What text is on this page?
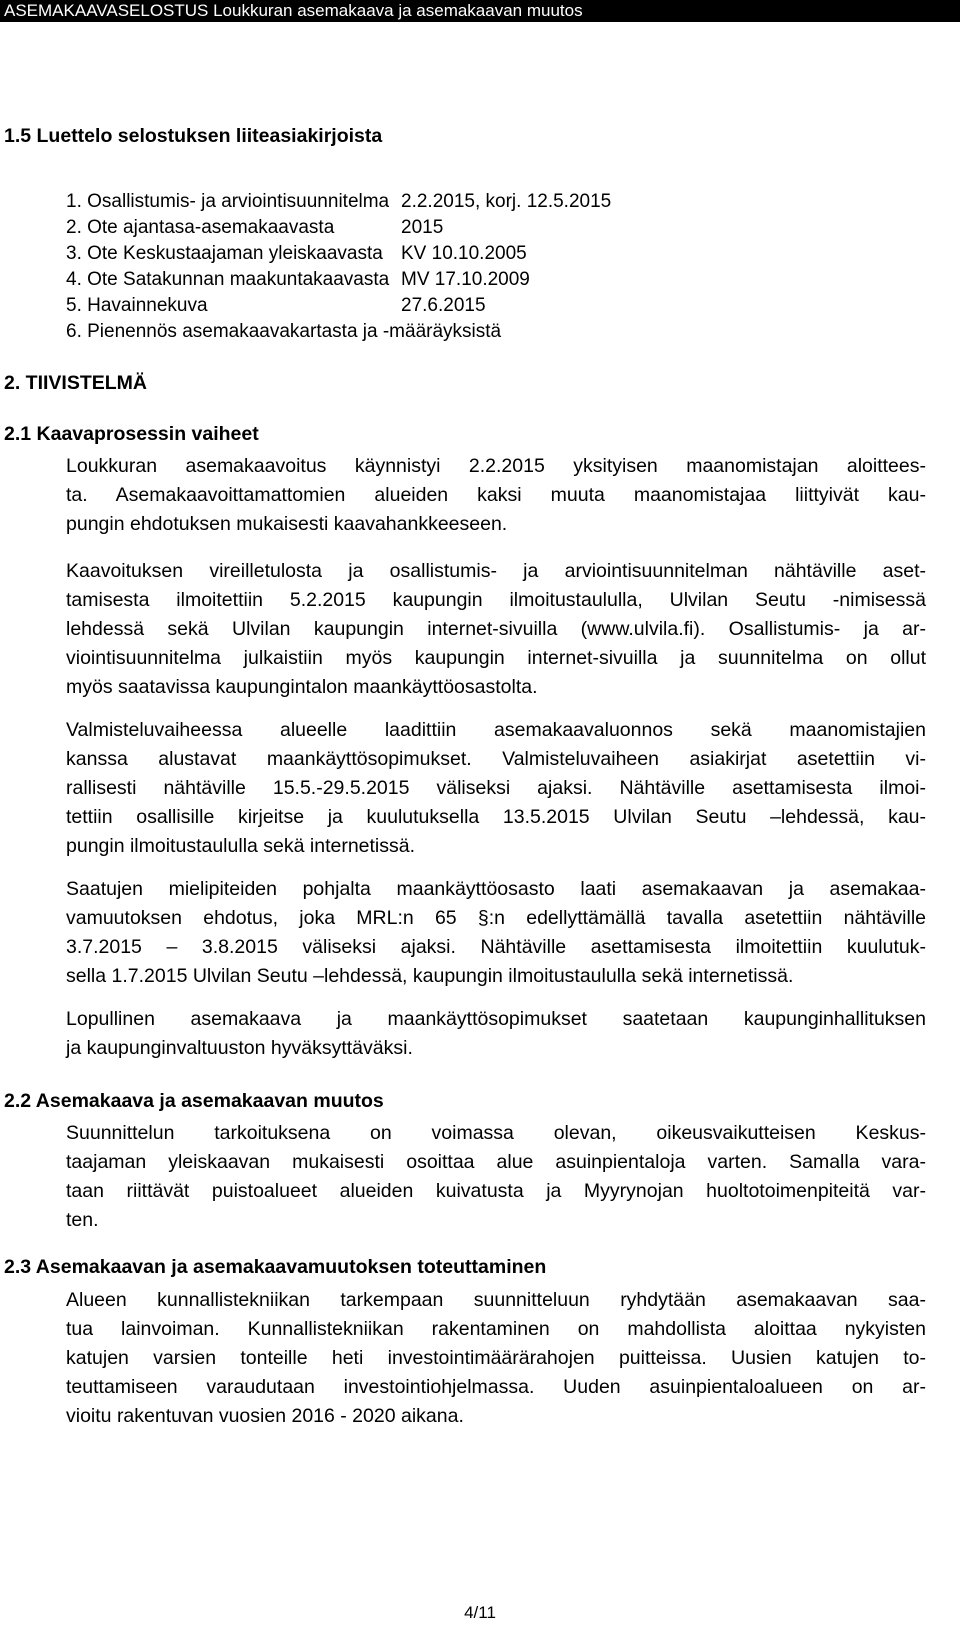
ASEMAKAAVASELOSTUS Loukkuran asemakaava ja asemakaavan muutos
1.5 Luettelo selostuksen liiteasiakirjoista
1. Osallistumis- ja arviointisuunnitelma 2.2.2015, korj. 12.5.2015
2. Ote ajantasa-asemakaavasta	2015
3. Ote Keskustaajaman yleiskaavasta KV 10.10.2005
4. Ote Satakunnan maakuntakaavasta MV 17.10.2009
5. Havainnekuva	27.6.2015
6. Pienennös asemakaavakartasta ja -määräyksistä
2. TIIVISTELMÄ
2.1 Kaavaprosessin vaiheet
Loukkuran asemakaavoitus käynnistyi 2.2.2015 yksityisen maanomistajan aloittees-
ta. Asemakaavoittamattomien alueiden kaksi muuta maanomistajaa liittyivät kau-
pungin ehdotuksen mukaisesti kaavahankkeeseen.
Kaavoituksen vireilletulosta ja osallistumis- ja arviointisuunnitelman nähtäville aset-
tamisesta ilmoitettiin 5.2.2015 kaupungin ilmoitustaululla, Ulvilan Seutu -nimisessä
lehdessä sekä Ulvilan kaupungin internet-sivuilla (www.ulvila.fi). Osallistumis- ja ar-
viointisuunnitelma julkaistiin myös kaupungin internet-sivuilla ja suunnitelma on ollut
myös saatavissa kaupungintalon maankäyttöosastolta.
Valmisteluvaiheessa alueelle laadittiin asemakaavaluonnos sekä maanomistajien
kanssa alustavat maankäyttösopimukset. Valmisteluvaiheen asiakirjat asetettiin vi-
rallisesti nähtäville 15.5.-29.5.2015 väliseksi ajaksi. Nähtäville asettamisesta ilmoi-
tettiin osallisille kirjeitse ja kuulutuksella 13.5.2015 Ulvilan Seutu –lehdessä, kau-
pungin ilmoitustaululla sekä internetissä.
Saatujen mielipiteiden pohjalta maankäyttöosasto laati asemakaavan ja asemakaa-
vamuutoksen ehdotus, joka MRL:n 65 §:n edellyttämällä tavalla asetettiin nähtäville
3.7.2015 – 3.8.2015 väliseksi ajaksi. Nähtäville asettamisesta ilmoitettiin kuulutuk-
sella 1.7.2015 Ulvilan Seutu –lehdessä, kaupungin ilmoitustaululla sekä internetissä.
Lopullinen asemakaava ja maankäyttösopimukset saatetaan kaupunginhallituksen
ja kaupunginvaltuuston hyväksyttäväksi.
2.2 Asemakaava ja asemakaavan muutos
Suunnittelun tarkoituksena on voimassa olevan, oikeusvaikutteisen Keskus-
taajaman yleiskaavan mukaisesti osoittaa alue asuinpientaloja varten. Samalla vara-
taan riittävät puistoalueet alueiden kuivatusta ja Myyrynojan huoltotoimenpiteitä var-
ten.
2.3 Asemakaavan ja asemakaavamuutoksen toteuttaminen
Alueen kunnallistekniikan tarkempaan suunnitteluun ryhdytään asemakaavan saa-
tua lainvoiman. Kunnallistekniikan rakentaminen on mahdollista aloittaa nykyisten
katujen varsien tonteille heti investointimäärärahojen puitteissa. Uusien katujen to-
teuttamiseen varaudutaan investointiohjelmassa. Uuden asuinpientaloalueen on ar-
vioitu rakentuvan vuosien 2016 - 2020 aikana.
4/11
